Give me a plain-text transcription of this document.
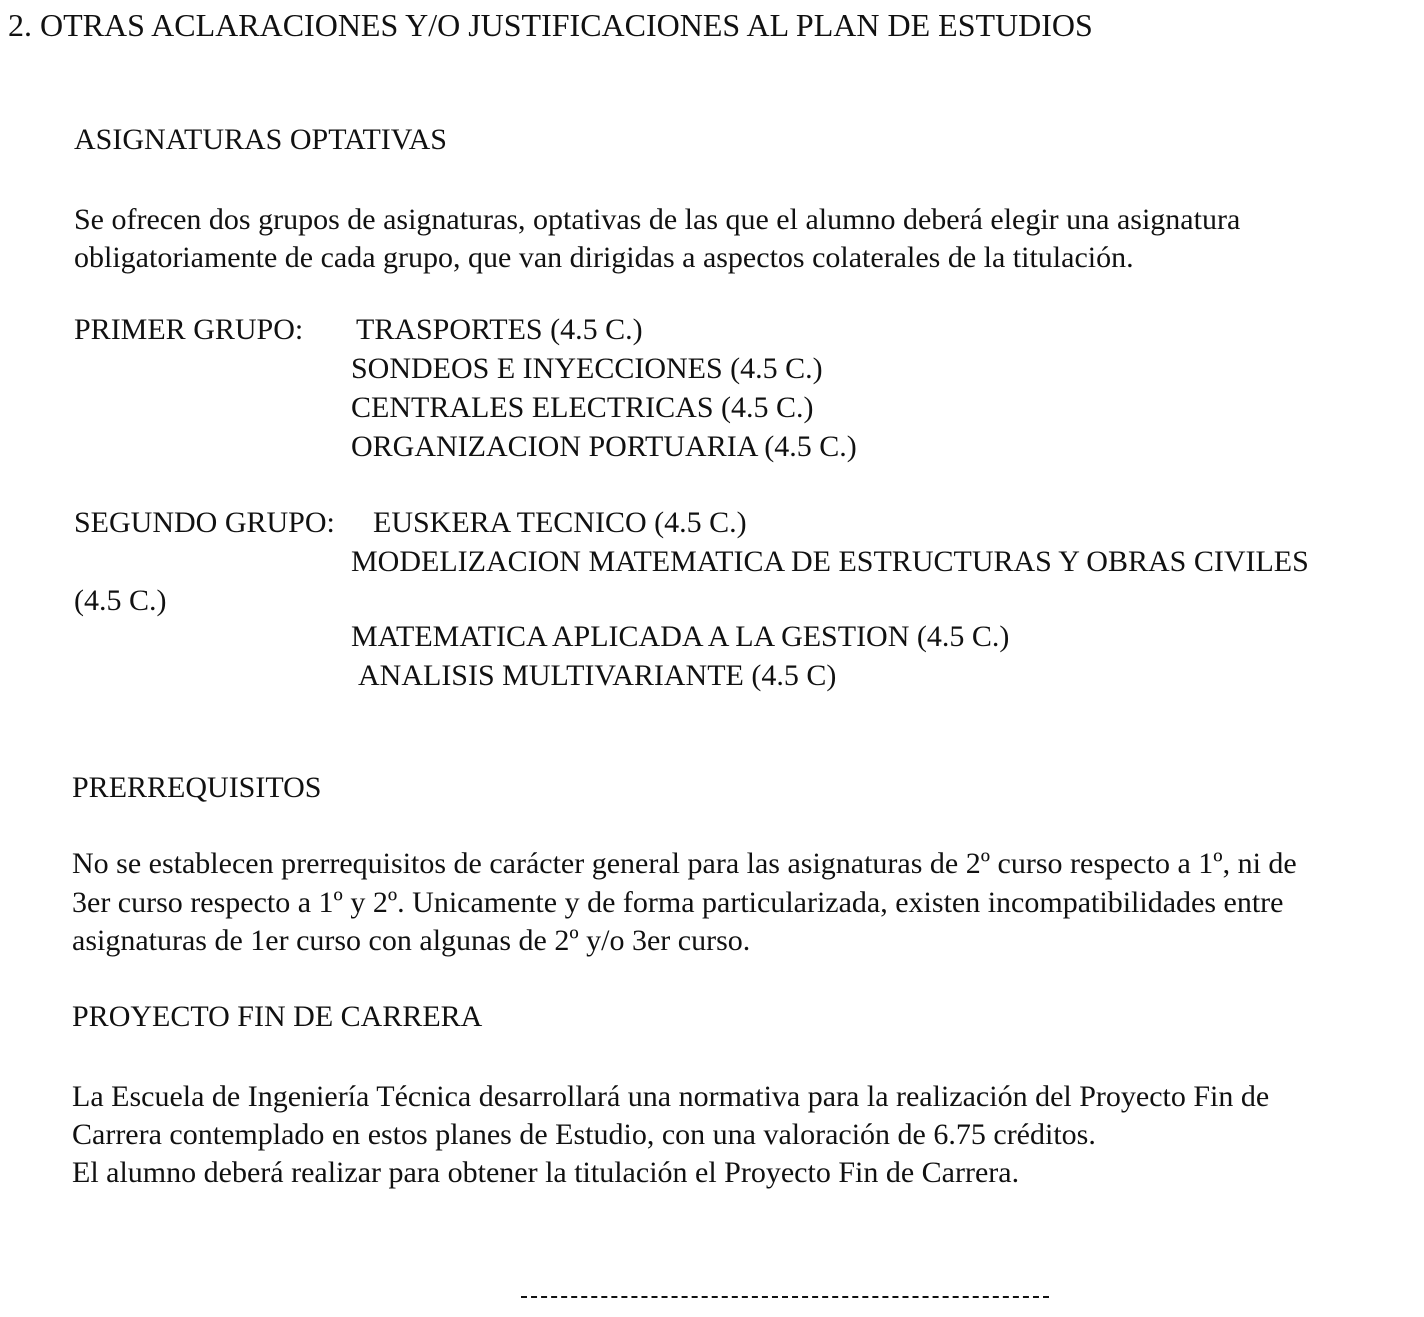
2. OTRAS ACLARACIONES Y/O JUSTIFICACIONES AL PLAN DE ESTUDIOS
ASIGNATURAS OPTATIVAS
Se ofrecen dos grupos de asignaturas, optativas de las que el alumno deberá elegir una asignatura
obligatoriamente de cada grupo, que van dirigidas a aspectos colaterales de la titulación.
PRIMER GRUPO: TRASPORTES (4.5 C.)
SONDEOS E INYECCIONES (4.5 C.)
CENTRALES ELECTRICAS (4.5 C.)
ORGANIZACION PORTUARIA (4.5 C.)
SEGUNDO GRUPO: EUSKERA TECNICO (4.5 C.)
MODELIZACION MATEMATICA DE ESTRUCTURAS Y OBRAS CIVILES
(4.5 C.)
MATEMATICA APLICADA A LA GESTION (4.5 C.)
ANALISIS MULTIVARIANTE (4.5 C)
PRERREQUISITOS
No se establecen prerrequisitos de carácter general para las asignaturas de 2º curso respecto a 1º, ni de
3er curso respecto a 1º y 2º. Unicamente y de forma particularizada, existen incompatibilidades entre
asignaturas de 1er curso con algunas de 2º y/o 3er curso.
PROYECTO FIN DE CARRERA
La Escuela de Ingeniería Técnica desarrollará una normativa para la realización del Proyecto Fin de
Carrera contemplado en estos planes de Estudio, con una valoración de 6.75 créditos.
El alumno deberá realizar para obtener la titulación el Proyecto Fin de Carrera.
